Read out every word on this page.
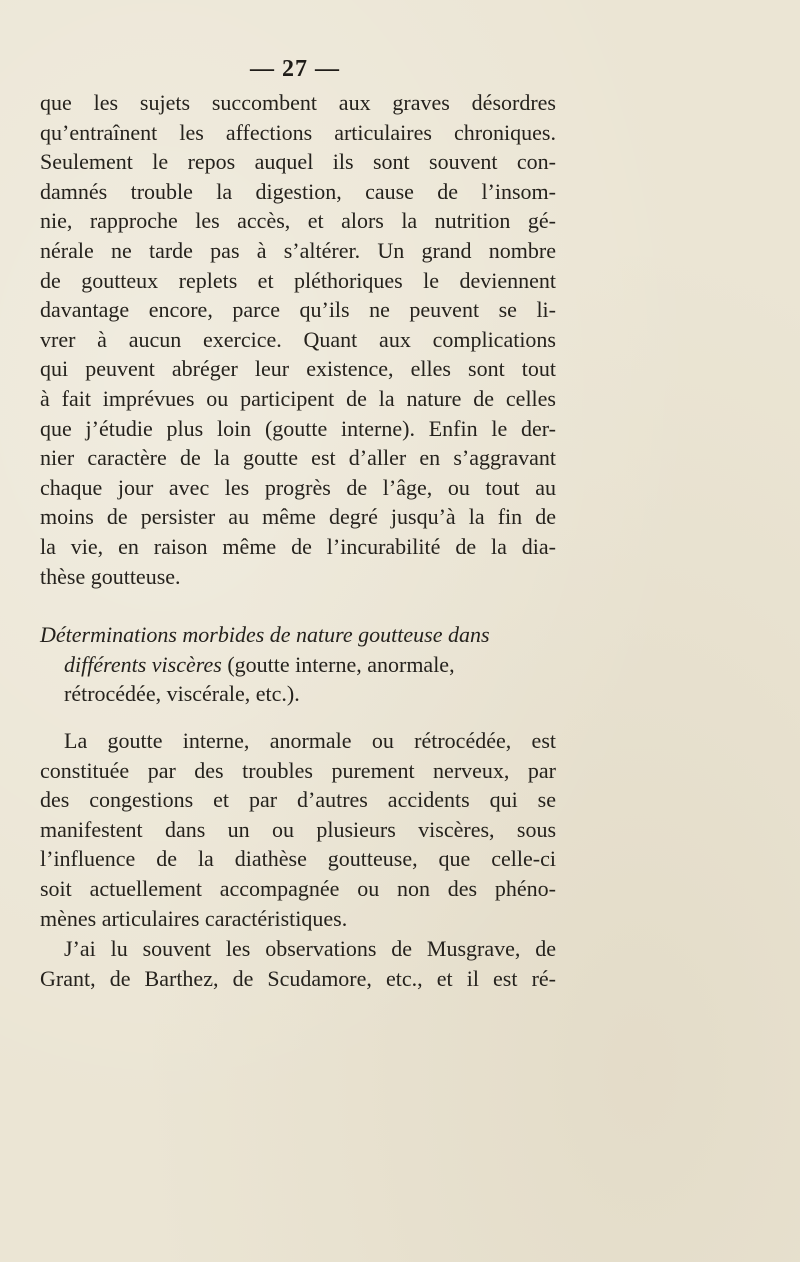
— 27 —
que les sujets succombent aux graves désordres
qu’entraînent les affections articulaires chroniques.
Seulement le repos auquel ils sont souvent con-
damnés trouble la digestion, cause de l’insom-
nie, rapproche les accès, et alors la nutrition gé-
nérale ne tarde pas à s’altérer. Un grand nombre
de goutteux replets et pléthoriques le deviennent
davantage encore, parce qu’ils ne peuvent se li-
vrer à aucun exercice. Quant aux complications
qui peuvent abréger leur existence, elles sont tout
à fait imprévues ou participent de la nature de celles
que j’étudie plus loin (goutte interne). Enfin le der-
nier caractère de la goutte est d’aller en s’aggravant
chaque jour avec les progrès de l’âge, ou tout au
moins de persister au même degré jusqu’à la fin de
la vie, en raison même de l’incurabilité de la dia-
thèse goutteuse.
Déterminations morbides de nature goutteuse dans
différents viscères (goutte interne, anormale,
rétrocédée, viscérale, etc.).
La goutte interne, anormale ou rétrocédée, est
constituée par des troubles purement nerveux, par
des congestions et par d’autres accidents qui se
manifestent dans un ou plusieurs viscères, sous
l’influence de la diathèse goutteuse, que celle-ci
soit actuellement accompagnée ou non des phéno-
mènes articulaires caractéristiques.
J’ai lu souvent les observations de Musgrave, de
Grant, de Barthez, de Scudamore, etc., et il est ré-
